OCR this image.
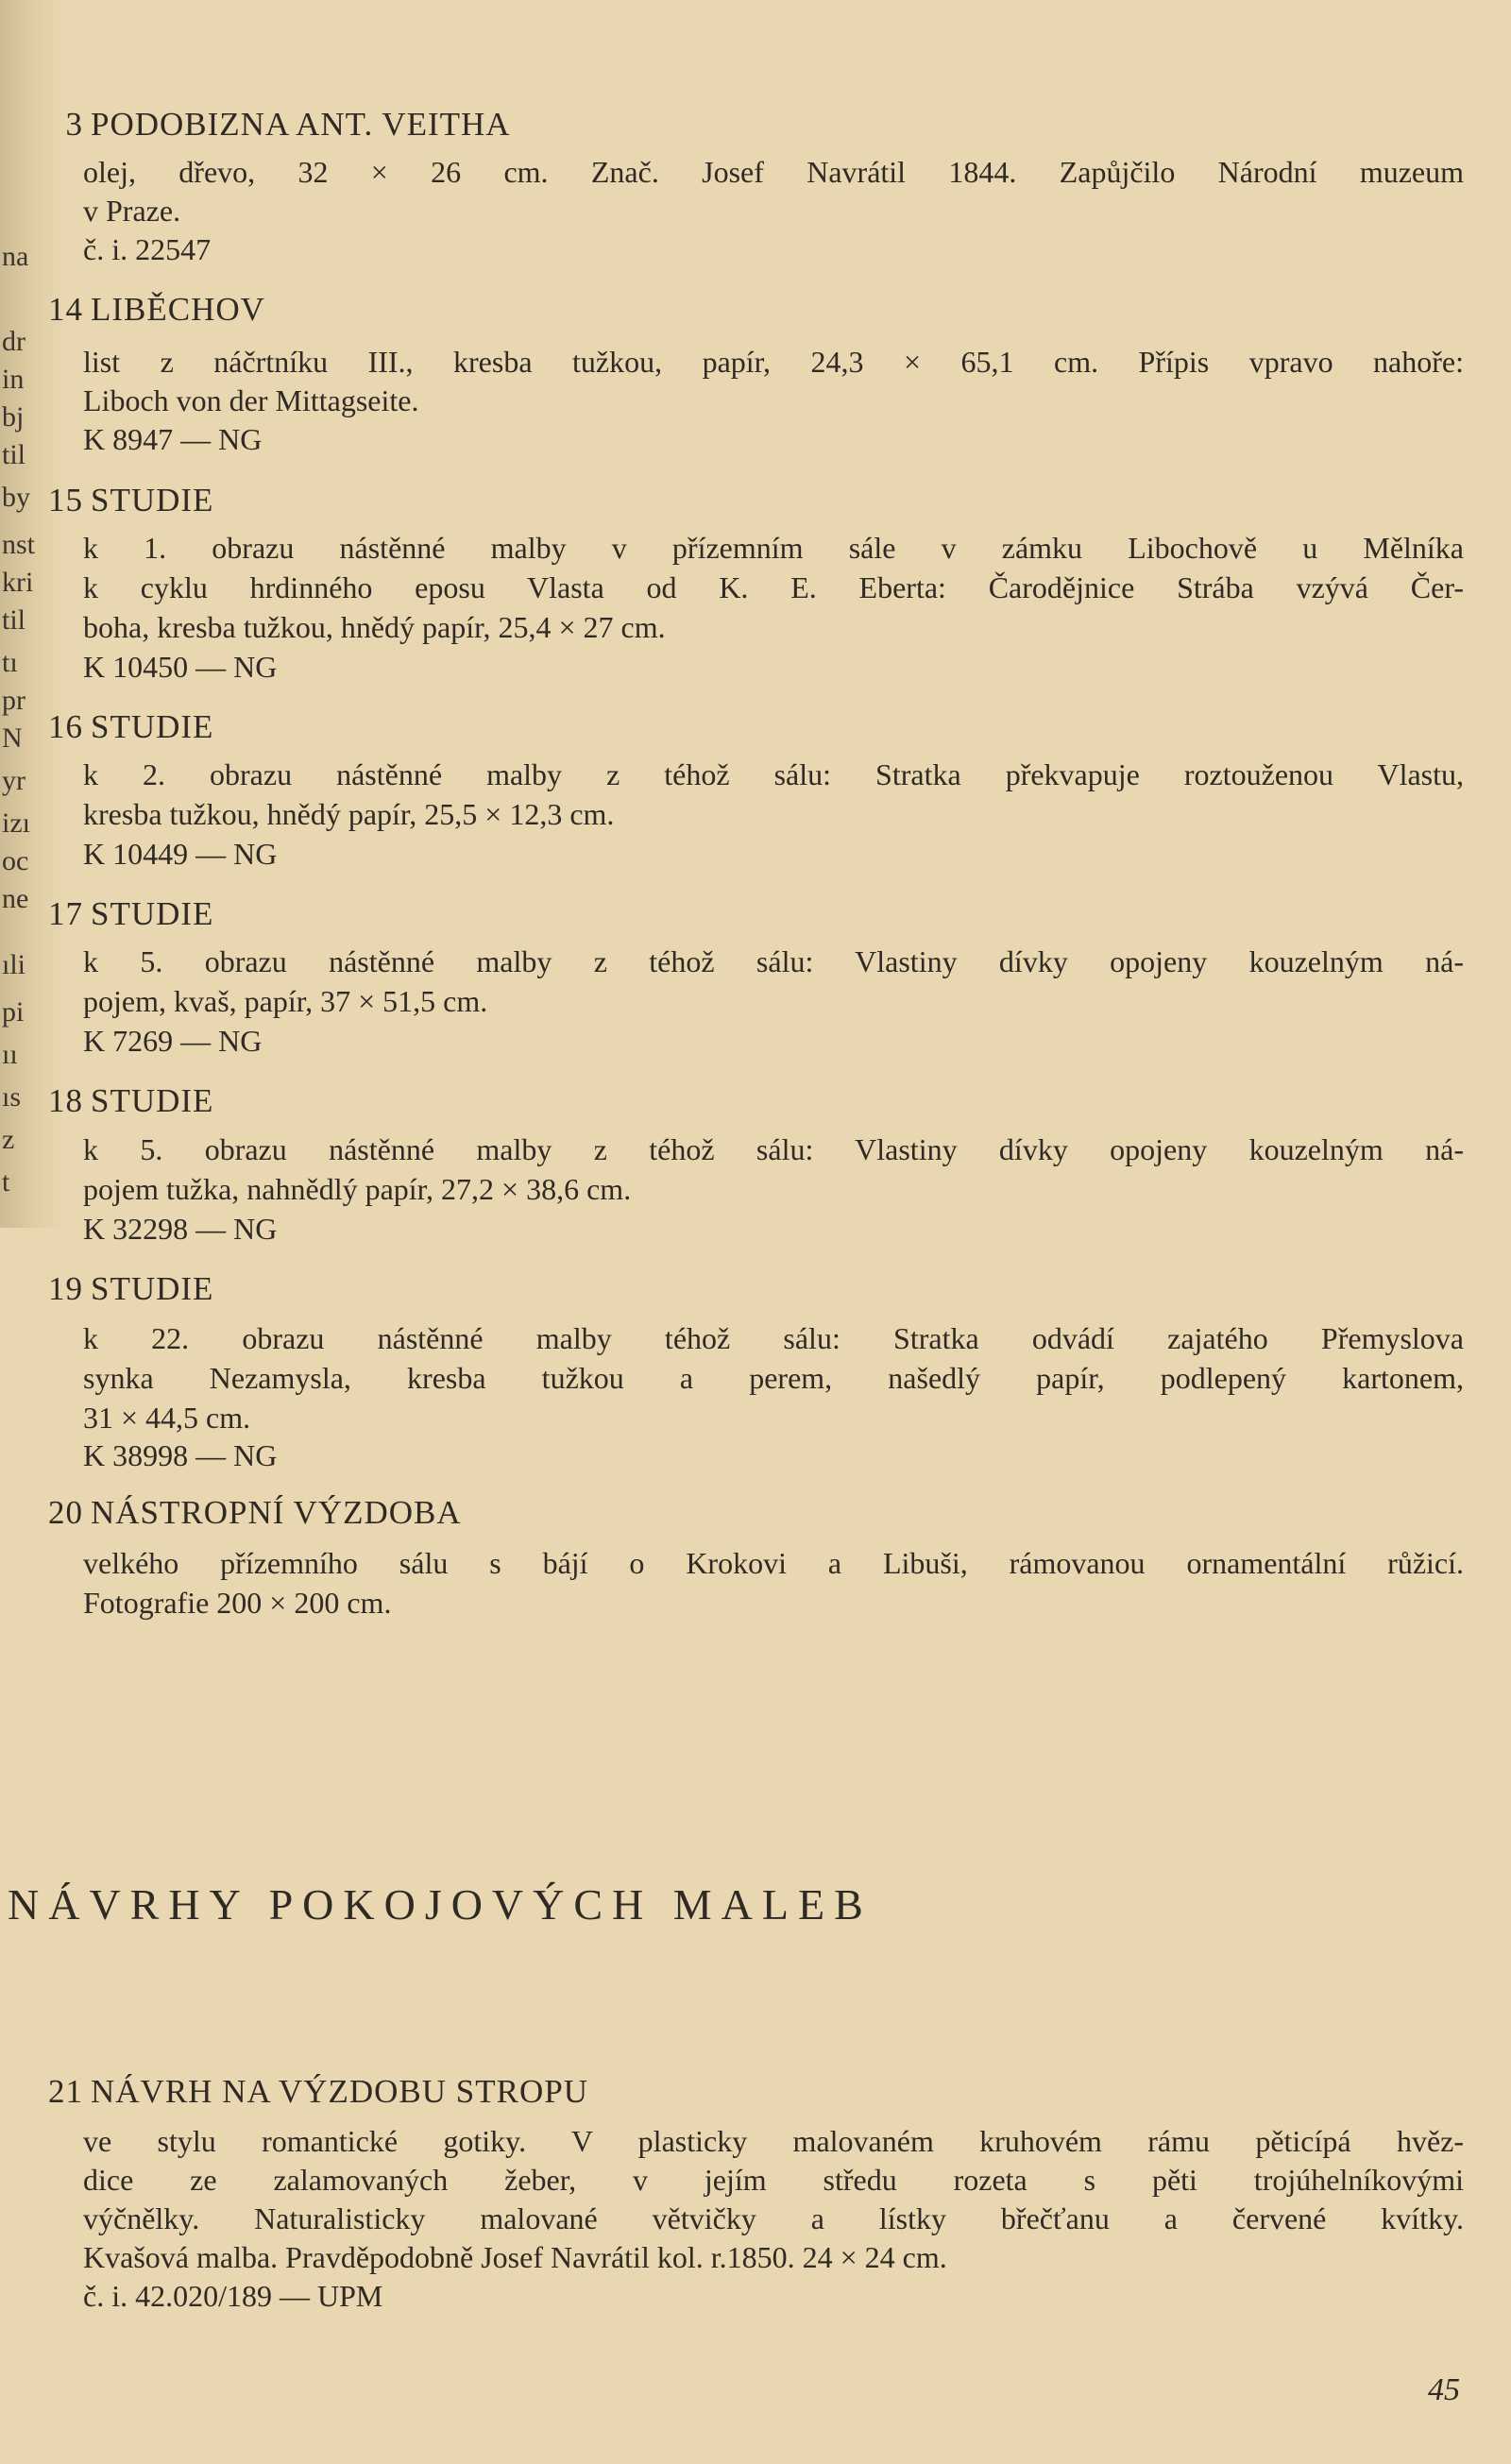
na
dr
in
bj
til
by
nst
kri
til
tı
pr
N
yr
izı
oc
ne
ıli
pi
ıı
ıs
z
t
3 PODOBIZNA ANT. VEITHA
olej, dřevo, 32 × 26 cm. Znač. Josef Navrátil 1844. Zapůjčilo Národní muzeum
v Praze.
č. i. 22547
14 LIBĚCHOV
list z náčrtníku III., kresba tužkou, papír, 24,3 × 65,1 cm. Přípis vpravo nahoře:
Liboch von der Mittagseite.
K 8947 — NG
15 STUDIE
k 1. obrazu nástěnné malby v přízemním sále v zámku Libochově u Mělníka
k cyklu hrdinného eposu Vlasta od K. E. Eberta: Čarodějnice Strába vzývá Čer-
boha, kresba tužkou, hnědý papír, 25,4 × 27 cm.
K 10450 — NG
16 STUDIE
k 2. obrazu nástěnné malby z téhož sálu: Stratka překvapuje roztouženou Vlastu,
kresba tužkou, hnědý papír, 25,5 × 12,3 cm.
K 10449 — NG
17 STUDIE
k 5. obrazu nástěnné malby z téhož sálu: Vlastiny dívky opojeny kouzelným ná-
pojem, kvaš, papír, 37 × 51,5 cm.
K 7269 — NG
18 STUDIE
k 5. obrazu nástěnné malby z téhož sálu: Vlastiny dívky opojeny kouzelným ná-
pojem tužka, nahnědlý papír, 27,2 × 38,6 cm.
K 32298 — NG
19 STUDIE
k 22. obrazu nástěnné malby téhož sálu: Stratka odvádí zajatého Přemyslova
synka Nezamysla, kresba tužkou a perem, našedlý papír, podlepený kartonem,
31 × 44,5 cm.
K 38998 — NG
20 NÁSTROPNÍ VÝZDOBA
velkého přízemního sálu s bájí o Krokovi a Libuši, rámovanou ornamentální růžicí.
Fotografie 200 × 200 cm.
NÁVRHY POKOJOVÝCH MALEB
21 NÁVRH NA VÝZDOBU STROPU
ve stylu romantické gotiky. V plasticky malovaném kruhovém rámu pěticípá hvěz-
dice ze zalamovaných žeber, v jejím středu rozeta s pěti trojúhelníkovými
výčnělky. Naturalisticky malované větvičky a lístky břečťanu a červené kvítky.
Kvašová malba. Pravděpodobně Josef Navrátil kol. r.1850. 24 × 24 cm.
č. i. 42.020/189 — UPM
45
